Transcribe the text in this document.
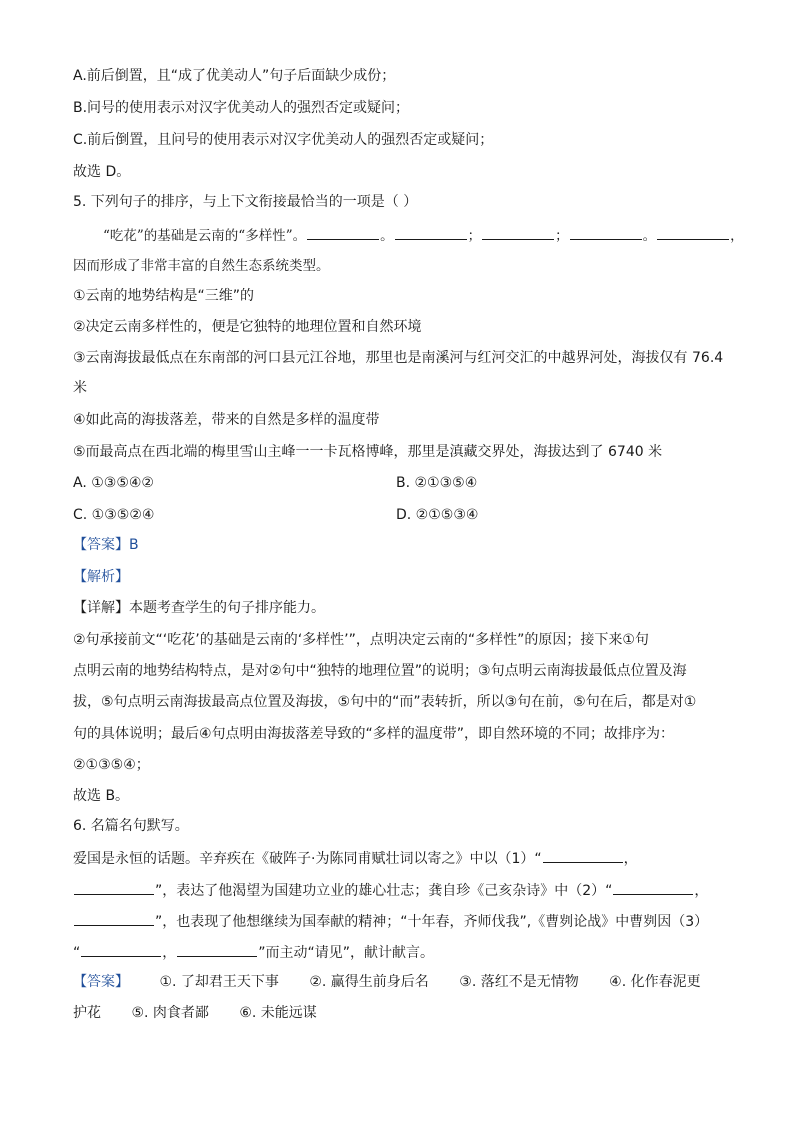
A.前后倒置，且“成了优美动人”句子后面缺少成份；
B.问号的使用表示对汉字优美动人的强烈否定或疑问；
C.前后倒置，且问号的使用表示对汉字优美动人的强烈否定或疑问；
故选 D。
5. 下列句子的排序，与上下文衔接最恰当的一项是（ ）
“吃花”的基础是云南的“多样性”。	。	；	；	。	，
因而形成了非常丰富的自然生态系统类型。
①云南的地势结构是“三维”的
②决定云南多样性的，便是它独特的地理位置和自然环境
③云南海拔最低点在东南部的河口县元江谷地，那里也是南溪河与红河交汇的中越界河处，海拔仅有 76.4
米
④如此高的海拔落差，带来的自然是多样的温度带
⑤而最高点在西北端的梅里雪山主峰一一卡瓦格博峰，那里是滇藏交界处，海拔达到了 6740 米
A. ①③⑤④②	B. ②①③⑤④
C. ①③⑤②④	D. ②①⑤③④
【答案】B
【解析】
【详解】本题考查学生的句子排序能力。
②句承接前文“‘吃花’的基础是云南的‘多样性’”，点明决定云南的“多样性”的原因；接下来①句
点明云南的地势结构特点，是对②句中“独特的地理位置”的说明；③句点明云南海拔最低点位置及海
拔，⑤句点明云南海拔最高点位置及海拔，⑤句中的“而”表转折，所以③句在前，⑤句在后，都是对①
句的具体说明；最后④句点明由海拔落差导致的“多样的温度带”，即自然环境的不同；故排序为：
②①③⑤④；
故选 B。
6. 名篇名句默写。
爱国是永恒的话题。辛弃疾在《破阵子·为陈同甫赋壮词以寄之》中以（1）“	，
”，表达了他渴望为国建功立业的雄心壮志；龚自珍《己亥杂诗》中（2）“	，
”，也表现了他想继续为国奉献的精神；“十年春，齐师伐我”,《曹刿论战》中曹刿因（3）
“	，	”而主动“请见”，献计献言。
【答案】 ①. 了却君王天下事 ②. 赢得生前身后名 ③. 落红不是无情物 ④. 化作春泥更
护花 ⑤. 肉食者鄙 ⑥. 未能远谋
